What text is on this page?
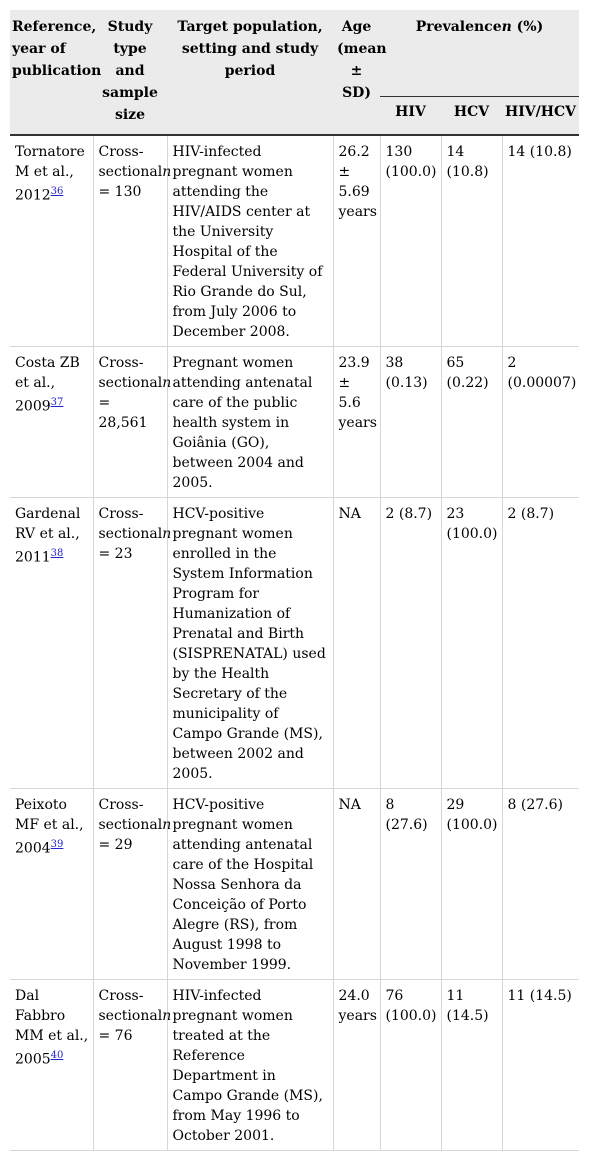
Reference, year of publication	Study type and sample size	Target population, setting and study period	Age (mean ± SD)	Prevalencen (%)		
				HIV	HCV	HIV/HCV
Tornatore M et al., 2012$^{36}$	Cross-sectionaln = 130	HIV-infected pregnant women attending the HIV/AIDS center at the University Hospital of the Federal University of Rio Grande do Sul, from July 2006 to December 2008.	26.2 ± 5.69 years	130 (100.0)	14 (10.8)	14 (10.8)
Costa ZB et al., 2009$^{37}$	Cross-sectionaln = 28,561	Pregnant women attending antenatal care of the public health system in Goiânia (GO), between 2004 and 2005.	23.9 ± 5.6 years	38 (0.13)	65 (0.22)	2 (0.00007)
Gardenal RV et al., 2011$^{38}$	Cross-sectionaln = 23	HCV-positive pregnant women enrolled in the System Information Program for Humanization of Prenatal and Birth (SISPRENATAL) used by the Health Secretary of the municipality of Campo Grande (MS), between 2002 and 2005.	NA	2 (8.7)	23 (100.0)	2 (8.7)
Peixoto MF et al., 2004$^{39}$	Cross-sectionaln = 29	HCV-positive pregnant women attending antenatal care of the Hospital Nossa Senhora da Conceição of Porto Alegre (RS), from August 1998 to November 1999.	NA	8 (27.6)	29 (100.0)	8 (27.6)
Dal Fabbro MM et al., 2005$^{40}$	Cross-sectionaln = 76	HIV-infected pregnant women treated at the Reference Department in Campo Grande (MS), from May 1996 to October 2001.	24.0 years	76 (100.0)	11 (14.5)	11 (14.5)
